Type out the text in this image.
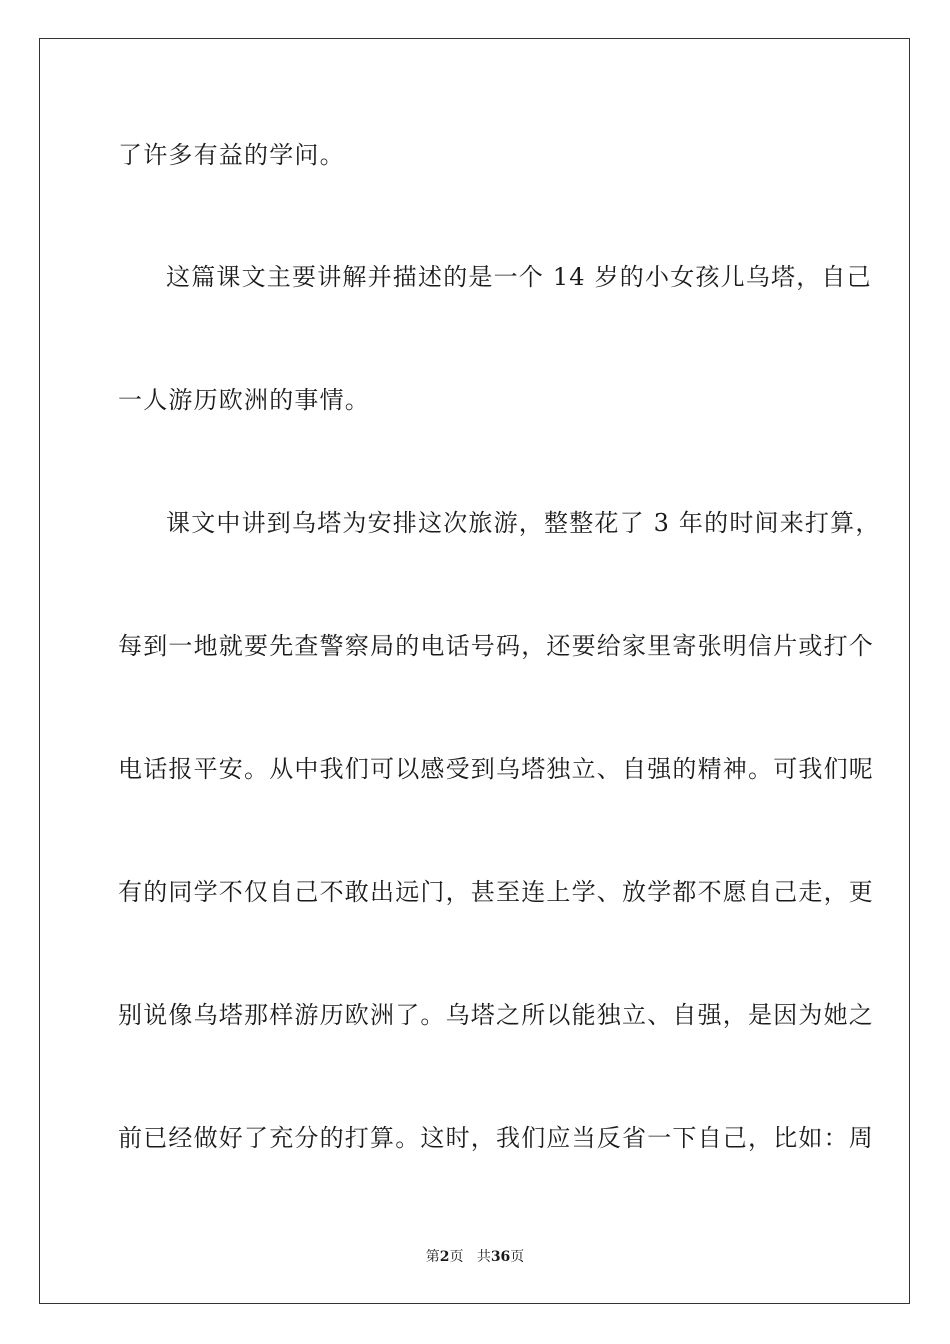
了许多有益的学问。
这篇课文主要讲解并描述的是一个 14 岁的小女孩儿乌塔，自己
一人游历欧洲的事情。
课文中讲到乌塔为安排这次旅游，整整花了 3 年的时间来打算，
每到一地就要先查警察局的电话号码，还要给家里寄张明信片或打个
电话报平安。从中我们可以感受到乌塔独立、自强的精神。可我们呢
有的同学不仅自己不敢出远门，甚至连上学、放学都不愿自己走，更
别说像乌塔那样游历欧洲了。乌塔之所以能独立、自强，是因为她之
前已经做好了充分的打算。这时，我们应当反省一下自己，比如：周
第2页 共36页
